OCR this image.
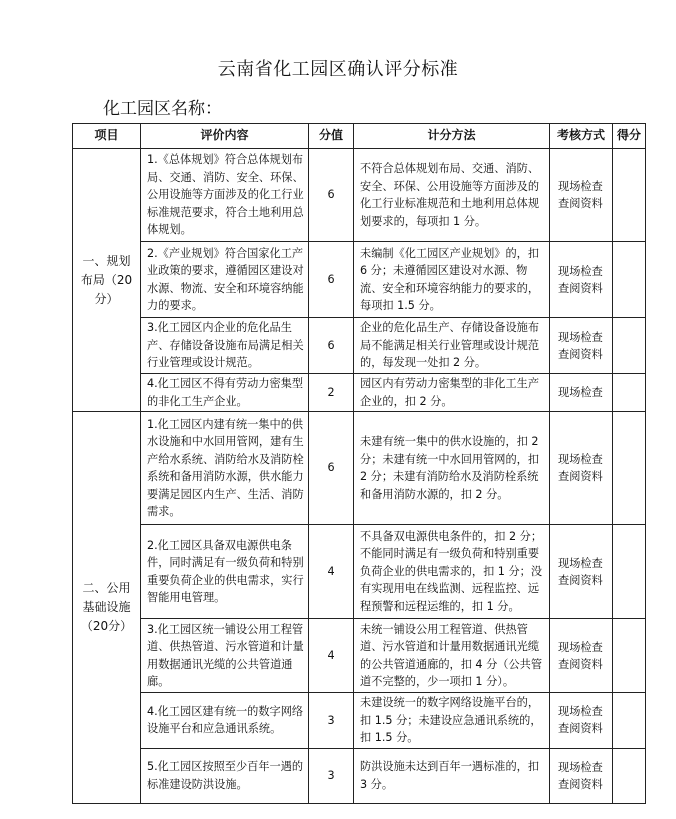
云南省化工园区确认评分标准
化工园区名称：
项目	评价内容	分值	计分方法	考核方式	得分
一、规划布局（20分）	1.《总体规划》符合总体规划布局、交通、消防、安全、环保、公用设施等方面涉及的化工行业标准规范要求，符合土地利用总体规划。	6	不符合总体规划布局、交通、消防、安全、环保、公用设施等方面涉及的化工行业标准规范和土地利用总体规划要求的，每项扣 1 分。	现场检查查阅资料	
	2.《产业规划》符合国家化工产业政策的要求，遵循园区建设对水源、物流、安全和环境容纳能力的要求。	6	未编制《化工园区产业规划》的，扣 6 分；未遵循园区建设对水源、物流、安全和环境容纳能力的要求的，每项扣 1.5 分。	现场检查查阅资料	
	3.化工园区内企业的危化品生产、存储设备设施布局满足相关行业管理或设计规范。	6	企业的危化品生产、存储设备设施布局不能满足相关行业管理或设计规范的，每发现一处扣 2 分。	现场检查查阅资料	
	4.化工园区不得有劳动力密集型的非化工生产企业。	2	园区内有劳动力密集型的非化工生产企业的，扣 2 分。	现场检查	
二、公用基础设施（20分）	1.化工园区内建有统一集中的供水设施和中水回用管网，建有生产给水系统、消防给水及消防栓系统和备用消防水源，供水能力要满足园区内生产、生活、消防需求。	6	未建有统一集中的供水设施的，扣 2 分；未建有统一中水回用管网的，扣 2 分；未建有消防给水及消防栓系统和备用消防水源的，扣 2 分。	现场检查查阅资料	
	2.化工园区具备双电源供电条件，同时满足有一级负荷和特别重要负荷企业的供电需求，实行智能用电管理。	4	不具备双电源供电条件的，扣 2 分；不能同时满足有一级负荷和特别重要负荷企业的供电需求的，扣 1 分；没有实现用电在线监测、远程监控、远程预警和远程运维的，扣 1 分。	现场检查查阅资料	
	3.化工园区统一铺设公用工程管道、供热管道、污水管道和计量用数据通讯光缆的公共管道通廊。	4	未统一铺设公用工程管道、供热管道、污水管道和计量用数据通讯光缆的公共管道通廊的，扣 4 分（公共管道不完整的，少一项扣 1 分）。	现场检查查阅资料	
	4.化工园区建有统一的数字网络设施平台和应急通讯系统。	3	未建设统一的数字网络设施平台的，扣 1.5 分；未建设应急通讯系统的，扣 1.5 分。	现场检查查阅资料	
	5.化工园区按照至少百年一遇的标准建设防洪设施。	3	防洪设施未达到百年一遇标准的，扣 3 分。	现场检查查阅资料	
